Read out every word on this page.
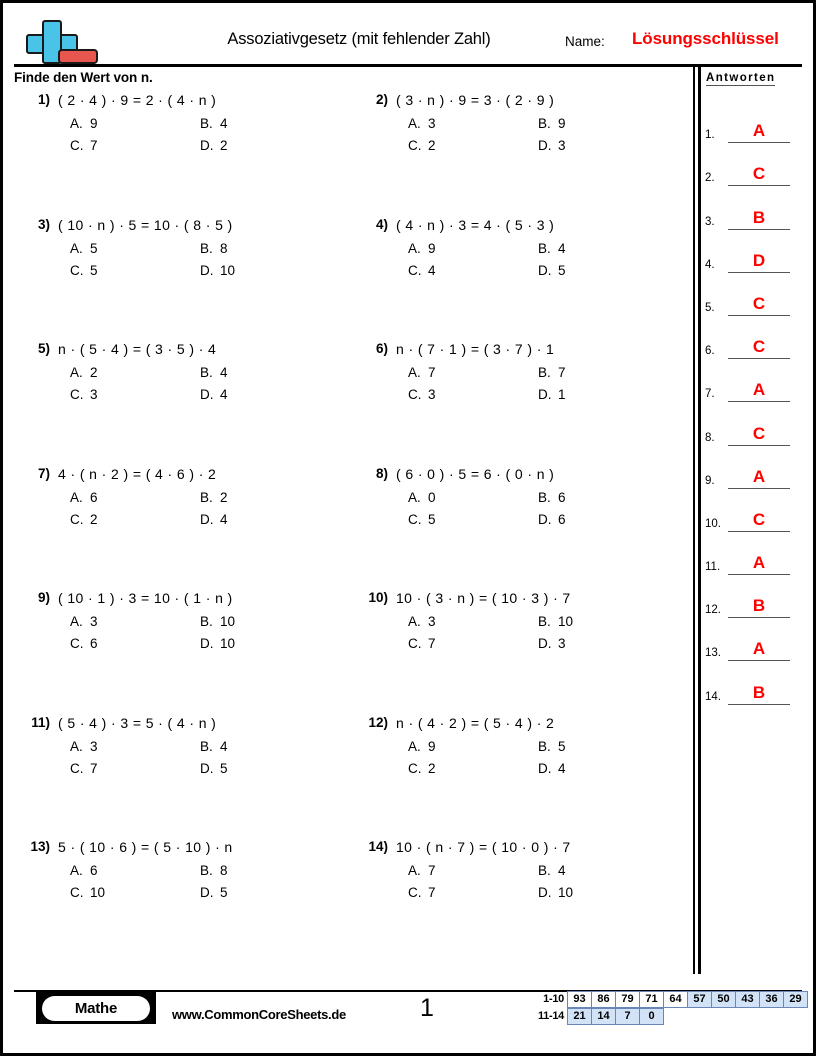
Assoziativgesetz (mit fehlender Zahl)	Name: Lösungsschlüssel
Finde den Wert von n.
1) ( 2 · 4 ) · 9 = 2 · ( 4 · n )
A. 9	B. 4
C. 7	D. 2
2) ( 3 · n ) · 9 = 3 · ( 2 · 9 )
A. 3	B. 9
C. 2	D. 3
3) ( 10 · n ) · 5 = 10 · ( 8 · 5 )
A. 5	B. 8
C. 5	D. 10
4) ( 4 · n ) · 3 = 4 · ( 5 · 3 )
A. 9	B. 4
C. 4	D. 5
5) n · ( 5 · 4 ) = ( 3 · 5 ) · 4
A. 2	B. 4
C. 3	D. 4
6) n · ( 7 · 1 ) = ( 3 · 7 ) · 1
A. 7	B. 7
C. 3	D. 1
7) 4 · ( n · 2 ) = ( 4 · 6 ) · 2
A. 6	B. 2
C. 2	D. 4
8) ( 6 · 0 ) · 5 = 6 · ( 0 · n )
A. 0	B. 6
C. 5	D. 6
9) ( 10 · 1 ) · 3 = 10 · ( 1 · n )
A. 3	B. 10
C. 6	D. 10
10) 10 · ( 3 · n ) = ( 10 · 3 ) · 7
A. 3	B. 10
C. 7	D. 3
11) ( 5 · 4 ) · 3 = 5 · ( 4 · n )
A. 3	B. 4
C. 7	D. 5
12) n · ( 4 · 2 ) = ( 5 · 4 ) · 2
A. 9	B. 5
C. 2	D. 4
13) 5 · ( 10 · 6 ) = ( 5 · 10 ) · n
A. 6	B. 8
C. 10	D. 5
14) 10 · ( n · 7 ) = ( 10 · 0 ) · 7
A. 7	B. 4
C. 7	D. 10
Antworten
1.	A
2.	C
3.	B
4.	D
5.	C
6.	C
7.	A
8.	C
9.	A
10.	C
11.	A
12.	B
13.	A
14.	B
Mathe	www.CommonCoreSheets.de	1	1-10 93	86	79	71	64	57	50	43	36	29
11-14 21	14	7	0
